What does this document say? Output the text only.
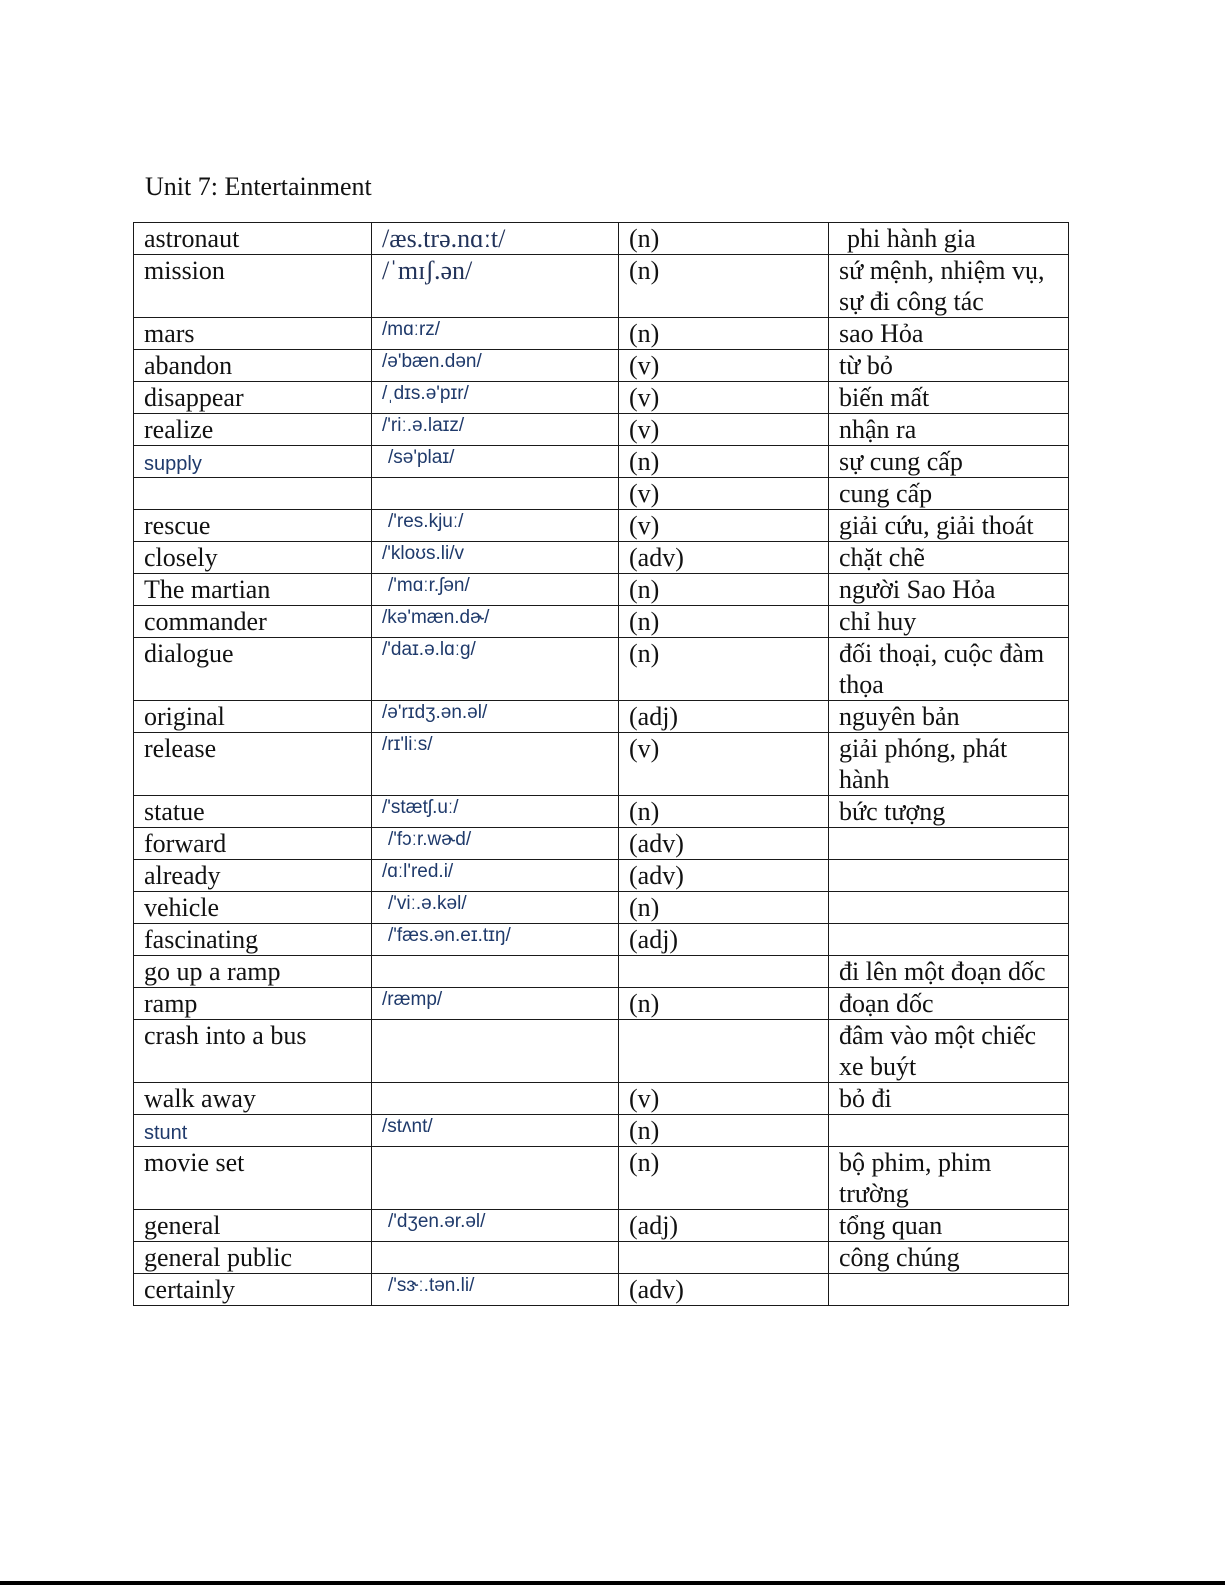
Unit 7: Entertainment
astronaut	/æs.trə.nɑːt/	(n)	phi hành gia
mission	/ˈmɪʃ.ən/	(n)	sứ mệnh, nhiệm vụ, sự đi công tác
mars	/mɑːrz/	(n)	sao Hỏa
abandon	/ə'bæn.dən/	(v)	từ bỏ
disappear	/ˌdɪs.ə'pɪr/	(v)	biến mất
realize	/'riː.ə.laɪz/	(v)	nhận ra
supply	/sə'plaɪ/	(n)	sự cung cấp

	(v)	cung cấp
rescue	/'res.kjuː/	(v)	giải cứu, giải thoát
closely	/'kloʊs.li/v	(adv)	chặt chẽ
The martian	/'mɑːr.ʃən/	(n)	người Sao Hỏa
commander	/kə'mæn.dɚ/	(n)	chỉ huy
dialogue	/'daɪ.ə.lɑːg/	(n)	đối thoại, cuộc đàm thọa
original	/ə'rɪdʒ.ən.əl/	(adj)	nguyên bản
release	/rɪ'liːs/	(v)	giải phóng, phát hành
statue	/'stætʃ.uː/	(n)	bức tượng
forward	/'fɔːr.wɚd/	(adv)	
already	/ɑːl'red.i/	(adv)	
vehicle	/'viː.ə.kəl/	(n)	
fascinating	/'fæs.ən.eɪ.tɪŋ/	(adj)	
go up a ramp			đi lên một đoạn dốc
ramp	/ræmp/	(n)	đoạn dốc
crash into a bus			đâm vào một chiếc xe buýt
walk away		(v)	bỏ đi
stunt	/stʌnt/	(n)	
movie set		(n)	bộ phim, phim trường
general	/'dʒen.ər.əl/	(adj)	tổng quan
general public			công chúng
certainly	/'sɝː.tən.li/	(adv)	
